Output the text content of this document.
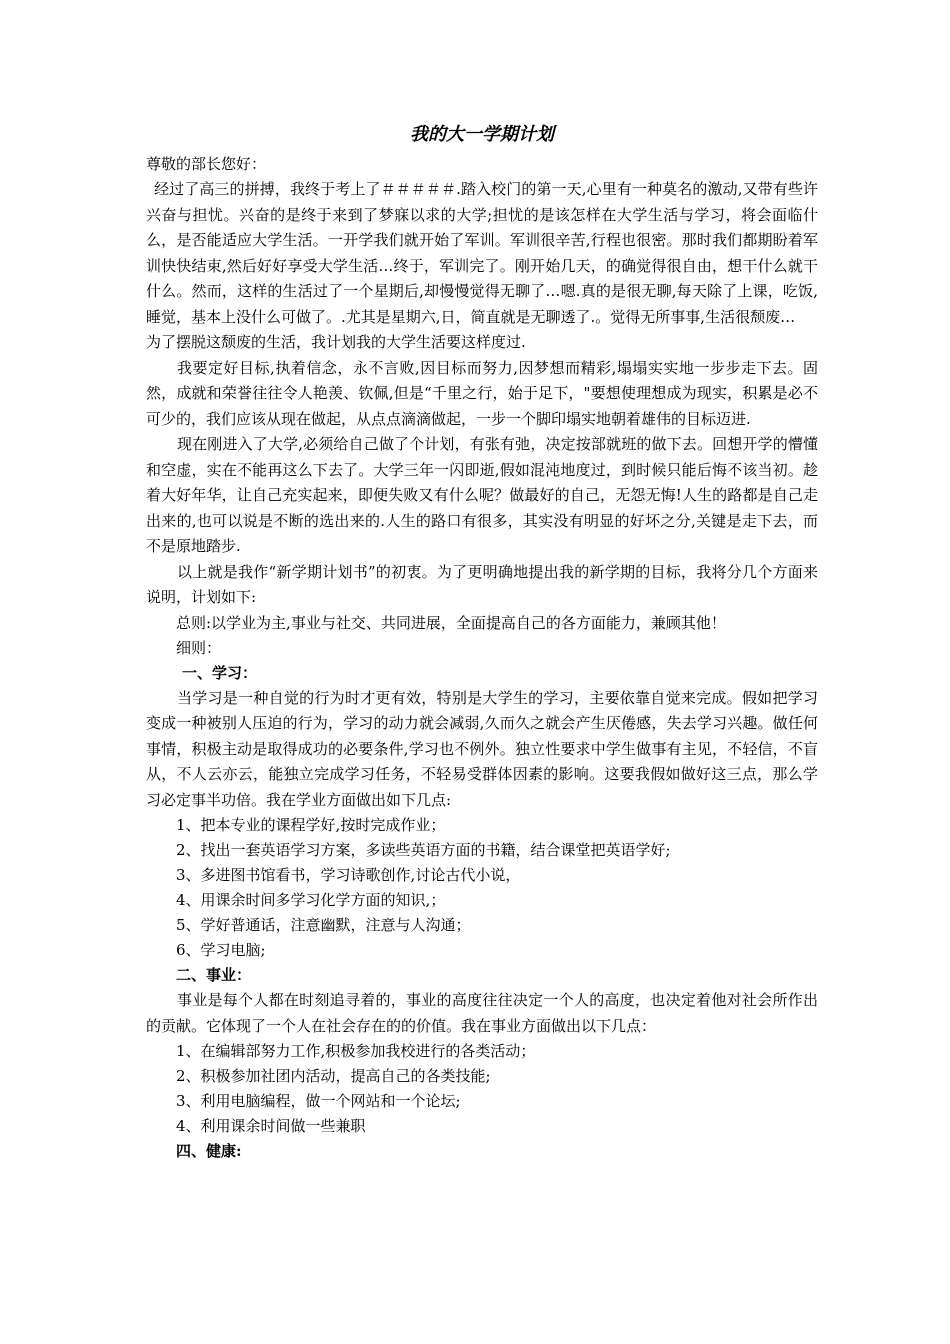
我的大一学期计划

尊敬的部长您好：

经过了高三的拼搏，我终于考上了＃＃＃＃＃.踏入校门的第一天,心里有一种莫名的激动,又带有些许兴奋与担忧。兴奋的是终于来到了梦寐以求的大学;担忧的是该怎样在大学生活与学习，将会面临什么，是否能适应大学生活。一开学我们就开始了军训。军训很辛苦,行程也很密。那时我们都期盼着军训快快结束,然后好好享受大学生活…终于，军训完了。刚开始几天，的确觉得很自由，想干什么就干什么。然而，这样的生活过了一个星期后,却慢慢觉得无聊了…嗯.真的是很无聊,每天除了上课，吃饭,睡觉，基本上没什么可做了。.尤其是星期六,日，简直就是无聊透了.。觉得无所事事,生活很颓废…

为了摆脱这颓废的生活，我计划我的大学生活要这样度过.

我要定好目标,执着信念，永不言败,因目标而努力,因梦想而精彩,塌塌实实地一步步走下去。固然，成就和荣誉往往令人艳羡、钦佩,但是“千里之行，始于足下，"要想使理想成为现实，积累是必不可少的，我们应该从现在做起，从点点滴滴做起，一步一个脚印塌实地朝着雄伟的目标迈进.

现在刚进入了大学,必须给自己做了个计划，有张有弛，决定按部就班的做下去。回想开学的懵懂和空虚，实在不能再这么下去了。大学三年一闪即逝,假如混沌地度过，到时候只能后悔不该当初。趁着大好年华，让自己充实起来，即便失败又有什么呢？做最好的自己，无怨无悔!人生的路都是自己走出来的,也可以说是不断的选出来的.人生的路口有很多，其实没有明显的好坏之分,关键是走下去，而不是原地踏步.

以上就是我作“新学期计划书”的初衷。为了更明确地提出我的新学期的目标，我将分几个方面来说明，计划如下:

总则:以学业为主,事业与社交、共同进展，全面提高自己的各方面能力，兼顾其他！

细则：

一、学习：

当学习是一种自觉的行为时才更有效，特别是大学生的学习，主要依靠自觉来完成。假如把学习变成一种被别人压迫的行为，学习的动力就会减弱,久而久之就会产生厌倦感，失去学习兴趣。做任何事情，积极主动是取得成功的必要条件,学习也不例外。独立性要求中学生做事有主见，不轻信，不盲从，不人云亦云，能独立完成学习任务，不轻易受群体因素的影响。这要我假如做好这三点，那么学习必定事半功倍。我在学业方面做出如下几点:

1、把本专业的课程学好,按时完成作业；

2、找出一套英语学习方案，多读些英语方面的书籍，结合课堂把英语学好;

3、多进图书馆看书，学习诗歌创作,讨论古代小说，

4、用课余时间多学习化学方面的知识,；

5、学好普通话，注意幽默，注意与人沟通；

6、学习电脑;

二、事业：

事业是每个人都在时刻追寻着的，事业的高度往往决定一个人的高度，也决定着他对社会所作出的贡献。它体现了一个人在社会存在的的价值。我在事业方面做出以下几点：

1、在编辑部努力工作,积极参加我校进行的各类活动；

2、积极参加社团内活动，提高自己的各类技能;

3、利用电脑编程，做一个网站和一个论坛;

4、利用课余时间做一些兼职

四、健康:
